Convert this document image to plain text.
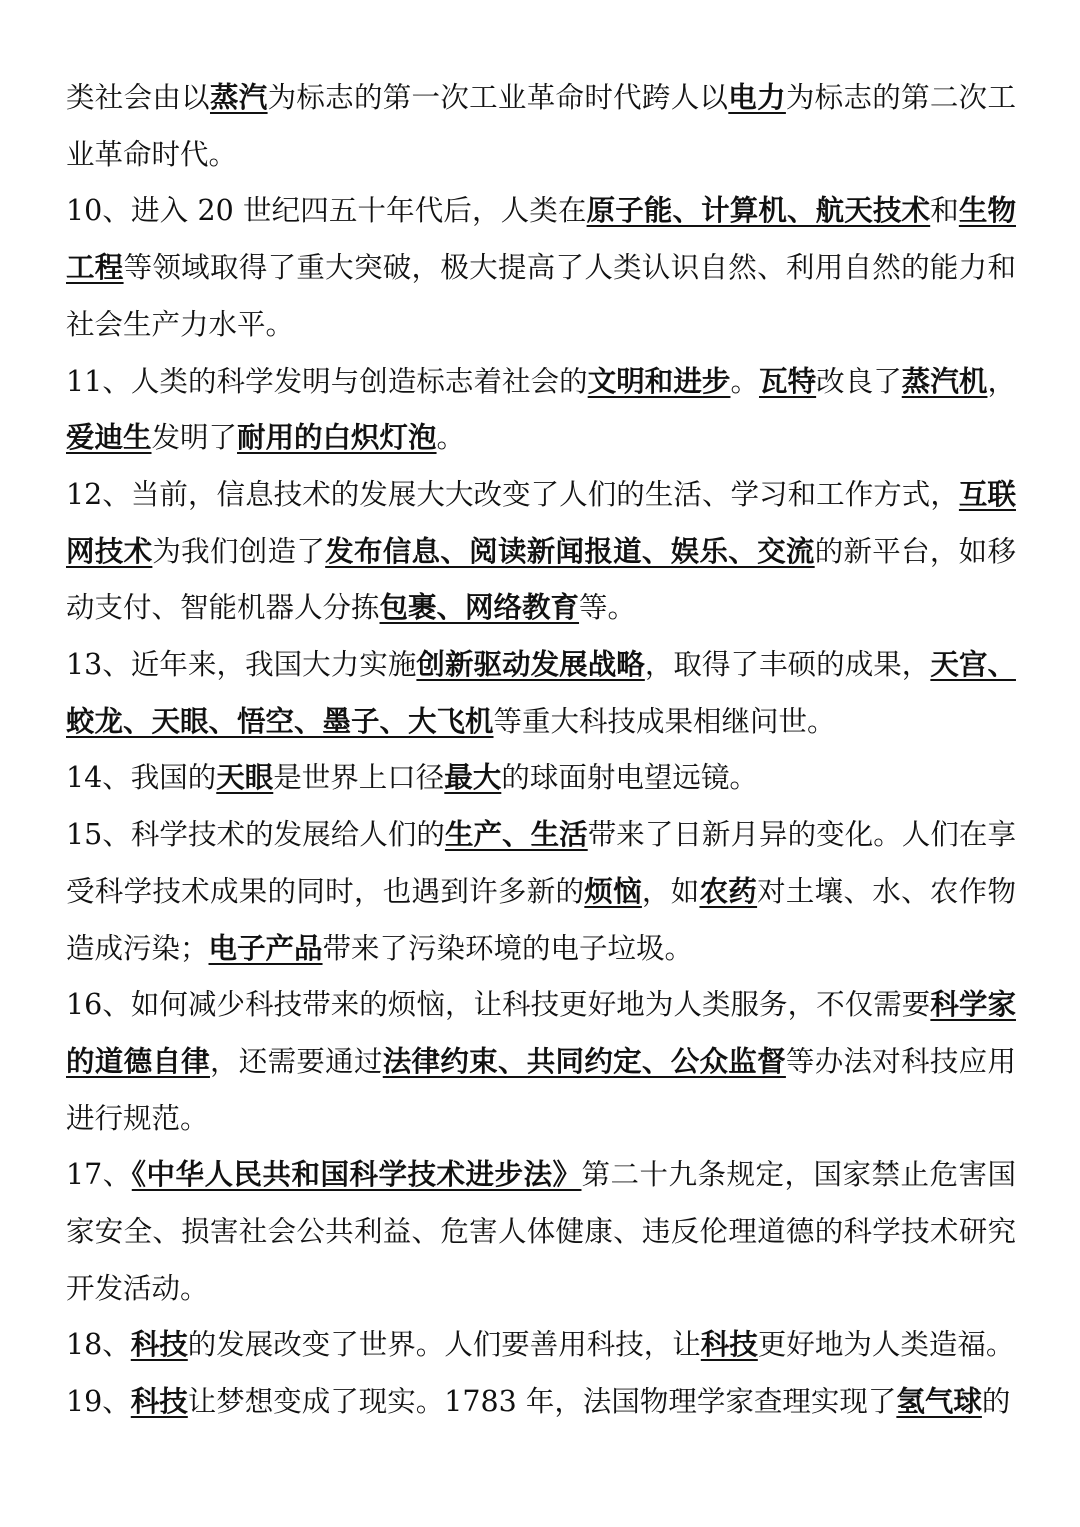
类社会由以蒸汽为标志的第一次工业革命时代跨人以电力为标志的第二次工业革命时代。

10、进入 20 世纪四五十年代后，人类在原子能、计算机、航天技术和生物工程等领域取得了重大突破，极大提高了人类认识自然、利用自然的能力和社会生产力水平。

11、人类的科学发明与创造标志着社会的文明和进步。瓦特改良了蒸汽机，爱迪生发明了耐用的白炽灯泡。

12、当前，信息技术的发展大大改变了人们的生活、学习和工作方式，互联网技术为我们创造了发布信息、阅读新闻报道、娱乐、交流的新平台，如移动支付、智能机器人分拣包裹、网络教育等。

13、近年来，我国大力实施创新驱动发展战略，取得了丰硕的成果，天宫、蛟龙、天眼、悟空、墨子、大飞机等重大科技成果相继问世。

14、我国的天眼是世界上口径最大的球面射电望远镜。

15、科学技术的发展给人们的生产、生活带来了日新月异的变化。人们在享受科学技术成果的同时，也遇到许多新的烦恼，如农药对土壤、水、农作物造成污染；电子产品带来了污染环境的电子垃圾。

16、如何减少科技带来的烦恼，让科技更好地为人类服务，不仅需要科学家的道德自律，还需要通过法律约束、共同约定、公众监督等办法对科技应用进行规范。

17、《中华人民共和国科学技术进步法》第二十九条规定，国家禁止危害国家安全、损害社会公共利益、危害人体健康、违反伦理道德的科学技术研究开发活动。

18、科技的发展改变了世界。人们要善用科技，让科技更好地为人类造福。

19、科技让梦想变成了现实。1783 年，法国物理学家查理实现了氢气球的
